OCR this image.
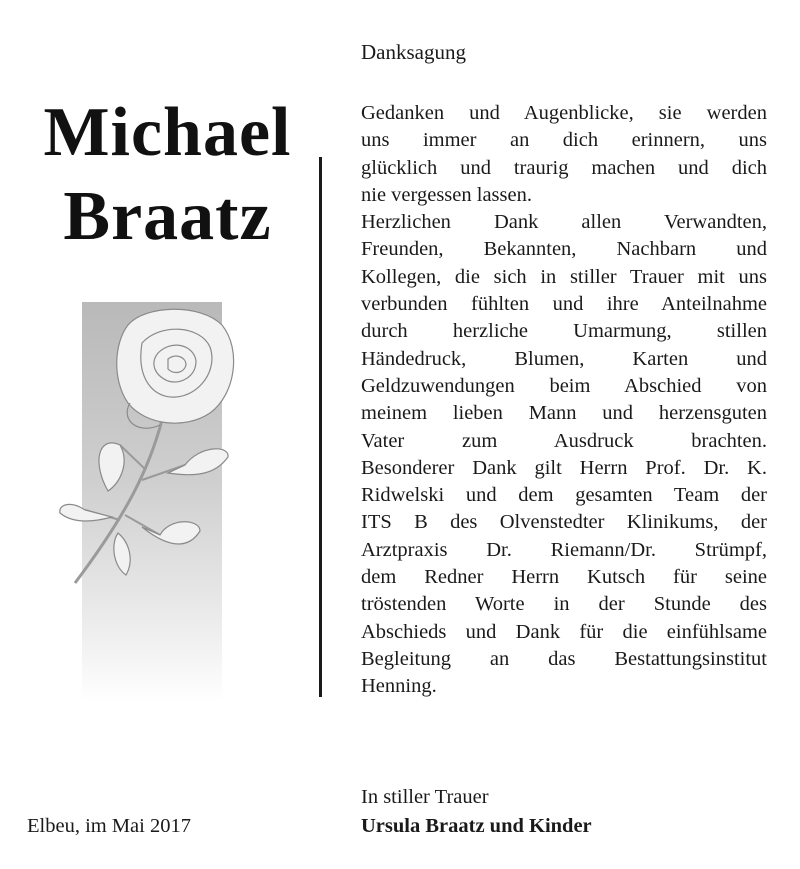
Michael
Braatz
Danksagung
Gedanken und Augenblicke, sie werden
uns immer an dich erinnern, uns
glücklich und traurig machen und dich
nie vergessen lassen.
Herzlichen Dank allen Verwandten,
Freunden, Bekannten, Nachbarn und
Kollegen, die sich in stiller Trauer mit uns
verbunden fühlten und ihre Anteilnahme
durch herzliche Umarmung, stillen
Händedruck, Blumen, Karten und
Geldzuwendungen beim Abschied von
meinem lieben Mann und herzensguten
Vater zum Ausdruck brachten.
Besonderer Dank gilt Herrn Prof. Dr. K.
Ridwelski und dem gesamten Team der
ITS B des Olvenstedter Klinikums, der
Arztpraxis Dr. Riemann/Dr. Strümpf,
dem Redner Herrn Kutsch für seine
tröstenden Worte in der Stunde des
Abschieds und Dank für die einfühlsame
Begleitung an das Bestattungsinstitut
Henning.
In stiller Trauer
Ursula Braatz und Kinder
Elbeu, im Mai 2017
